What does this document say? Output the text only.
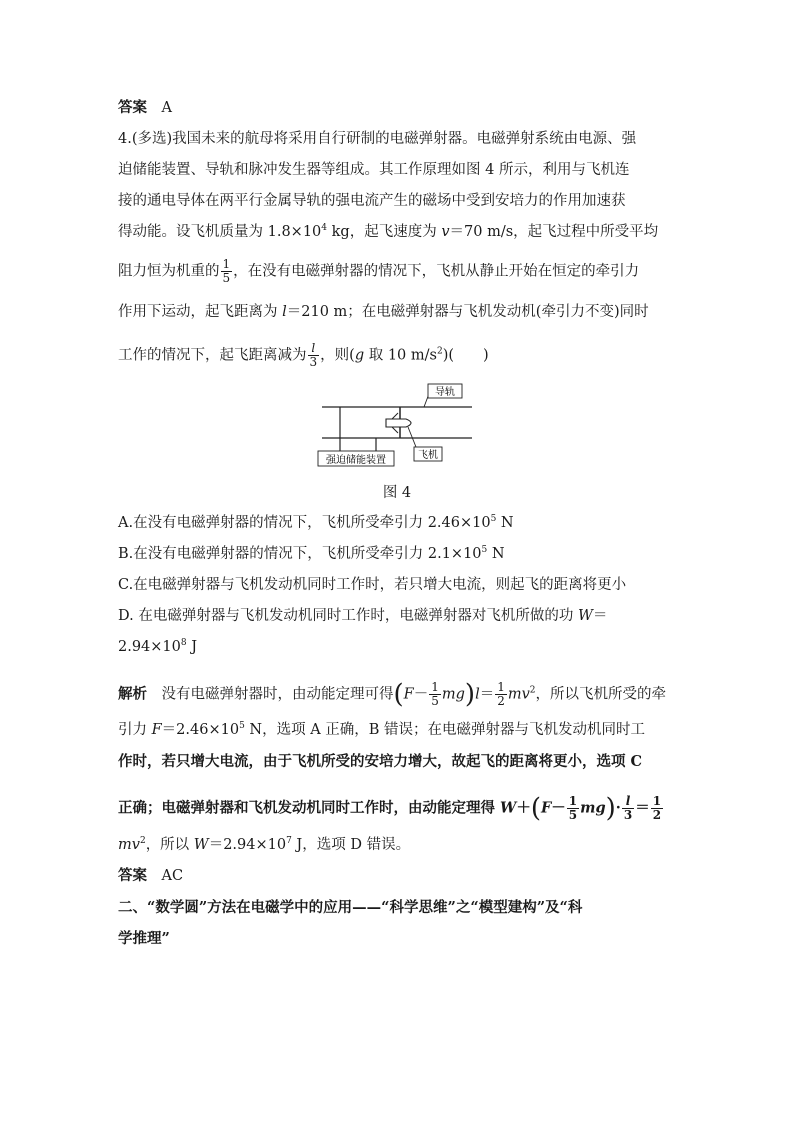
答案　 A
4.(多选)我国未来的航母将采用自行研制的电磁弹射器。电磁弹射系统由电源、强
迫储能装置、导轨和脉冲发生器等组成。其工作原理如图 4 所示，利用与飞机连
接的通电导体在两平行金属导轨的强电流产生的磁场中受到安培力的作用加速获
得动能。设飞机质量为 $1.8\times 10^4$ kg，起飞速度为 v＝70 m/s，起飞过程中所受平均
阻力恒为机重的 $\frac{1}{5}$ ，在没有电磁弹射器的情况下，飞机从静止开始在恒定的牵引力
作用下运动，起飞距离为 l＝210 m；在电磁弹射器与飞机发动机(牵引力不变)同时
工作的情况下，起飞距离减为 $\frac{l}{3}$ ，则(g 取 10 $m/s^2$)(　　)
导轨
飞机
强迫储能装置
图 4
A.在没有电磁弹射器的情况下，飞机所受牵引力 $2.46\times 10^5$ N
B.在没有电磁弹射器的情况下，飞机所受牵引力 $2.1\times 10^5$ N
C.在电磁弹射器与飞机发动机同时工作时，若只增大电流，则起飞的距离将更小
D. 在电磁弹射器与飞机发动机同时工作时，电磁弹射器对飞机所做的功 W＝
$2.94\times 10^8$ J
解析　没有电磁弹射器时，由动能定理可得$(F- \frac{1}{5} mg)l= \frac{1}{2} mv^2$，所以飞机所受的牵
引力 $F=2.46\times 10^5$ N，选项 A 正确，B 错误；在电磁弹射器与飞机发动机同时工
作时，若只增大电流，由于飞机所受的安培力增大，故起飞的距离将更小，选项 C
正确；电磁弹射器和飞机发动机同时工作时，由动能定理得 $W+(F- \frac{1}{5} mg)\cdot \frac{l}{3} = \frac{1}{2}$
$mv^2$，所以 $W=2.94\times 10^7$ J，选项 D 错误。
答案　 AC
二、“数学圆”方法在电磁学中的应用——“科学思维”之“模型建构”及“科
学推理”
